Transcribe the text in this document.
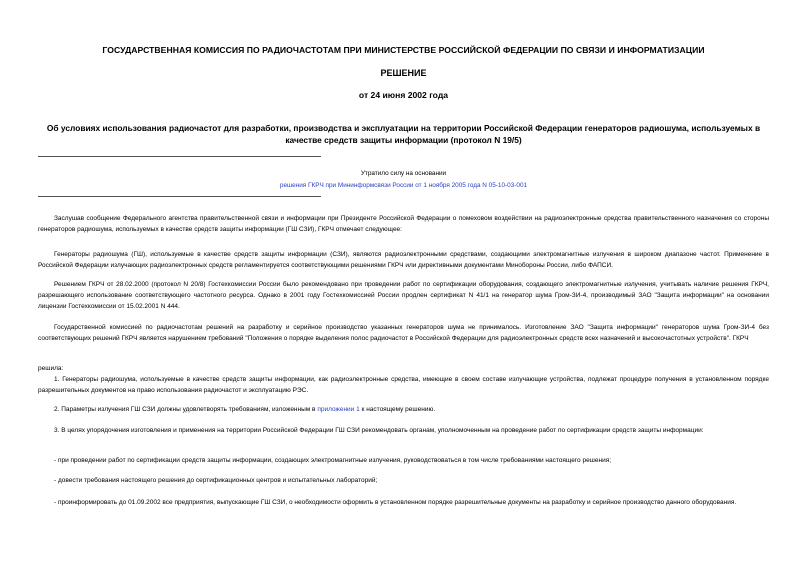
ГОСУДАРСТВЕННАЯ КОМИССИЯ ПО РАДИОЧАСТОТАМ ПРИ МИНИСТЕРСТВЕ РОССИЙСКОЙ ФЕДЕРАЦИИ ПО СВЯЗИ И ИНФОРМАТИЗАЦИИ
РЕШЕНИЕ
от 24 июня 2002 года
Об условиях использования радиочастот для разработки, производства и эксплуатации на территории Российской Федерации генераторов радиошума, используемых в качестве средств защиты информации (протокол N 19/5)
Утратило силу на основании
решения ГКРЧ при Мининформсвязи России от 1 ноября 2005 года N 05-10-03-001
Заслушав сообщение Федерального агентства правительственной связи и информации при Президенте Российской Федерации о помеховом воздействии на радиоэлектронные средства правительственного назначения со стороны генераторов радиошума, используемых в качестве средств защиты информации (ГШ СЗИ), ГКРЧ отмечает следующее:
Генераторы радиошума (ГШ), используемые в качестве средств защиты информации (СЗИ), являются радиоэлектронными средствами, создающими электромагнитные излучения в широком диапазоне частот. Применение в Российской Федерации излучающих радиоэлектронных средств регламентируется соответствующими решениями ГКРЧ или директивными документами Минобороны России, либо ФАПСИ.
Решением ГКРЧ от 28.02.2000 (протокол N 20/8) Гостехкомиссии России было рекомендовано при проведении работ по сертификации оборудования, создающего электромагнитные излучения, учитывать наличие решения ГКРЧ, разрешающего использование соответствующего частотного ресурса. Однако в 2001 году Гостехкомиссией России продлен сертификат N 41/1 на генератор шума Гром-ЗИ-4, производимый ЗАО "Защита информации" на основании лицензии Гостехкомиссии от 15.02.2001 N 444.
Государственной комиссией по радиочастотам решений на разработку и серийное производство указанных генераторов шума не принималось. Изготовление ЗАО "Защита информации" генераторов шума Гром-ЗИ-4 без соответствующих решений ГКРЧ является нарушением требований "Положения о порядке выделения полос радиочастот в Российской Федерации для радиоэлектронных средств всех назначений и высокочастотных устройств". ГКРЧ
решила:
1. Генераторы радиошума, используемые в качестве средств защиты информации, как радиоэлектронные средства, имеющие в своем составе излучающие устройства, подлежат процедуре получения в установленном порядке разрешительных документов на право использования радиочастот и эксплуатацию РЭС.
2. Параметры излучения ГШ СЗИ должны удовлетворять требованиям, изложенным в приложении 1 к настоящему решению.
3. В целях упорядочения изготовления и применения на территории Российской Федерации ГШ СЗИ рекомендовать органам, уполномоченным на проведение работ по сертификации средств защиты информации:
- при проведении работ по сертификации средств защиты информации, создающих электромагнитные излучения, руководствоваться в том числе требованиями настоящего решения;
- довести требования настоящего решения до сертификационных центров и испытательных лабораторий;
- проинформировать до 01.09.2002 все предприятия, выпускающие ГШ СЗИ, о необходимости оформить в установленном порядке разрешительные документы на разработку и серийное производство данного оборудования.
